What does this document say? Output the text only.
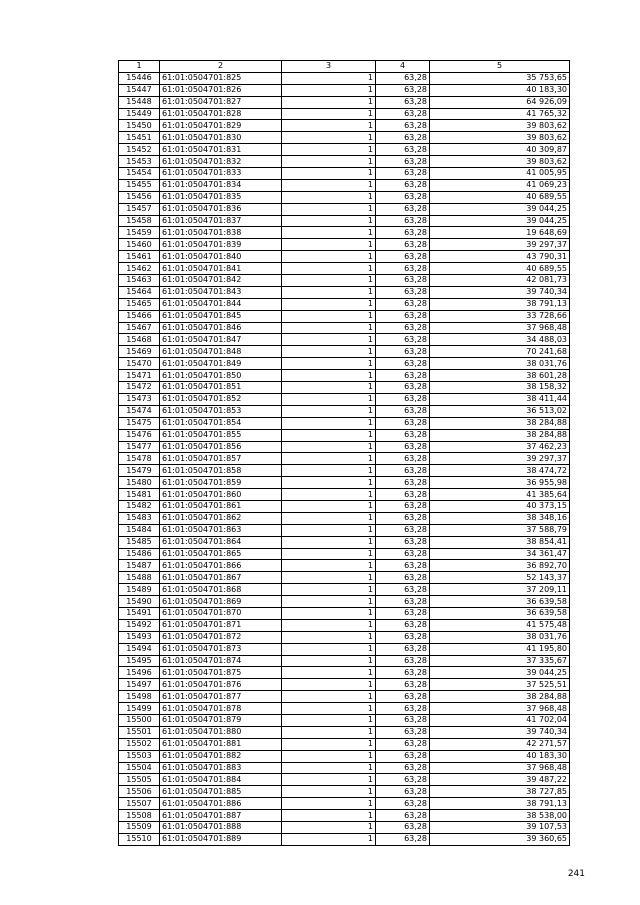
1	2	3	4	5
15446	61:01:0504701:825	1	63,28	35 753,65
15447	61:01:0504701:826	1	63,28	40 183,30
15448	61:01:0504701:827	1	63,28	64 926,09
15449	61:01:0504701:828	1	63,28	41 765,32
15450	61:01:0504701:829	1	63,28	39 803,62
15451	61:01:0504701:830	1	63,28	39 803,62
15452	61:01:0504701:831	1	63,28	40 309,87
15453	61:01:0504701:832	1	63,28	39 803,62
15454	61:01:0504701:833	1	63,28	41 005,95
15455	61:01:0504701:834	1	63,28	41 069,23
15456	61:01:0504701:835	1	63,28	40 689,55
15457	61:01:0504701:836	1	63,28	39 044,25
15458	61:01:0504701:837	1	63,28	39 044,25
15459	61:01:0504701:838	1	63,28	19 648,69
15460	61:01:0504701:839	1	63,28	39 297,37
15461	61:01:0504701:840	1	63,28	43 790,31
15462	61:01:0504701:841	1	63,28	40 689,55
15463	61:01:0504701:842	1	63,28	42 081,73
15464	61:01:0504701:843	1	63,28	39 740,34
15465	61:01:0504701:844	1	63,28	38 791,13
15466	61:01:0504701:845	1	63,28	33 728,66
15467	61:01:0504701:846	1	63,28	37 968,48
15468	61:01:0504701:847	1	63,28	34 488,03
15469	61:01:0504701:848	1	63,28	70 241,68
15470	61:01:0504701:849	1	63,28	38 031,76
15471	61:01:0504701:850	1	63,28	38 601,28
15472	61:01:0504701:851	1	63,28	38 158,32
15473	61:01:0504701:852	1	63,28	38 411,44
15474	61:01:0504701:853	1	63,28	36 513,02
15475	61:01:0504701:854	1	63,28	38 284,88
15476	61:01:0504701:855	1	63,28	38 284,88
15477	61:01:0504701:856	1	63,28	37 462,23
15478	61:01:0504701:857	1	63,28	39 297,37
15479	61:01:0504701:858	1	63,28	38 474,72
15480	61:01:0504701:859	1	63,28	36 955,98
15481	61:01:0504701:860	1	63,28	41 385,64
15482	61:01:0504701:861	1	63,28	40 373,15
15483	61:01:0504701:862	1	63,28	38 348,16
15484	61:01:0504701:863	1	63,28	37 588,79
15485	61:01:0504701:864	1	63,28	38 854,41
15486	61:01:0504701:865	1	63,28	34 361,47
15487	61:01:0504701:866	1	63,28	36 892,70
15488	61:01:0504701:867	1	63,28	52 143,37
15489	61:01:0504701:868	1	63,28	37 209,11
15490	61:01:0504701:869	1	63,28	36 639,58
15491	61:01:0504701:870	1	63,28	36 639,58
15492	61:01:0504701:871	1	63,28	41 575,48
15493	61:01:0504701:872	1	63,28	38 031,76
15494	61:01:0504701:873	1	63,28	41 195,80
15495	61:01:0504701:874	1	63,28	37 335,67
15496	61:01:0504701:875	1	63,28	39 044,25
15497	61:01:0504701:876	1	63,28	37 525,51
15498	61:01:0504701:877	1	63,28	38 284,88
15499	61:01:0504701:878	1	63,28	37 968,48
15500	61:01:0504701:879	1	63,28	41 702,04
15501	61:01:0504701:880	1	63,28	39 740,34
15502	61:01:0504701:881	1	63,28	42 271,57
15503	61:01:0504701:882	1	63,28	40 183,30
15504	61:01:0504701:883	1	63,28	37 968,48
15505	61:01:0504701:884	1	63,28	39 487,22
15506	61:01:0504701:885	1	63,28	38 727,85
15507	61:01:0504701:886	1	63,28	38 791,13
15508	61:01:0504701:887	1	63,28	38 538,00
15509	61:01:0504701:888	1	63,28	39 107,53
15510	61:01:0504701:889	1	63,28	39 360,65
241
